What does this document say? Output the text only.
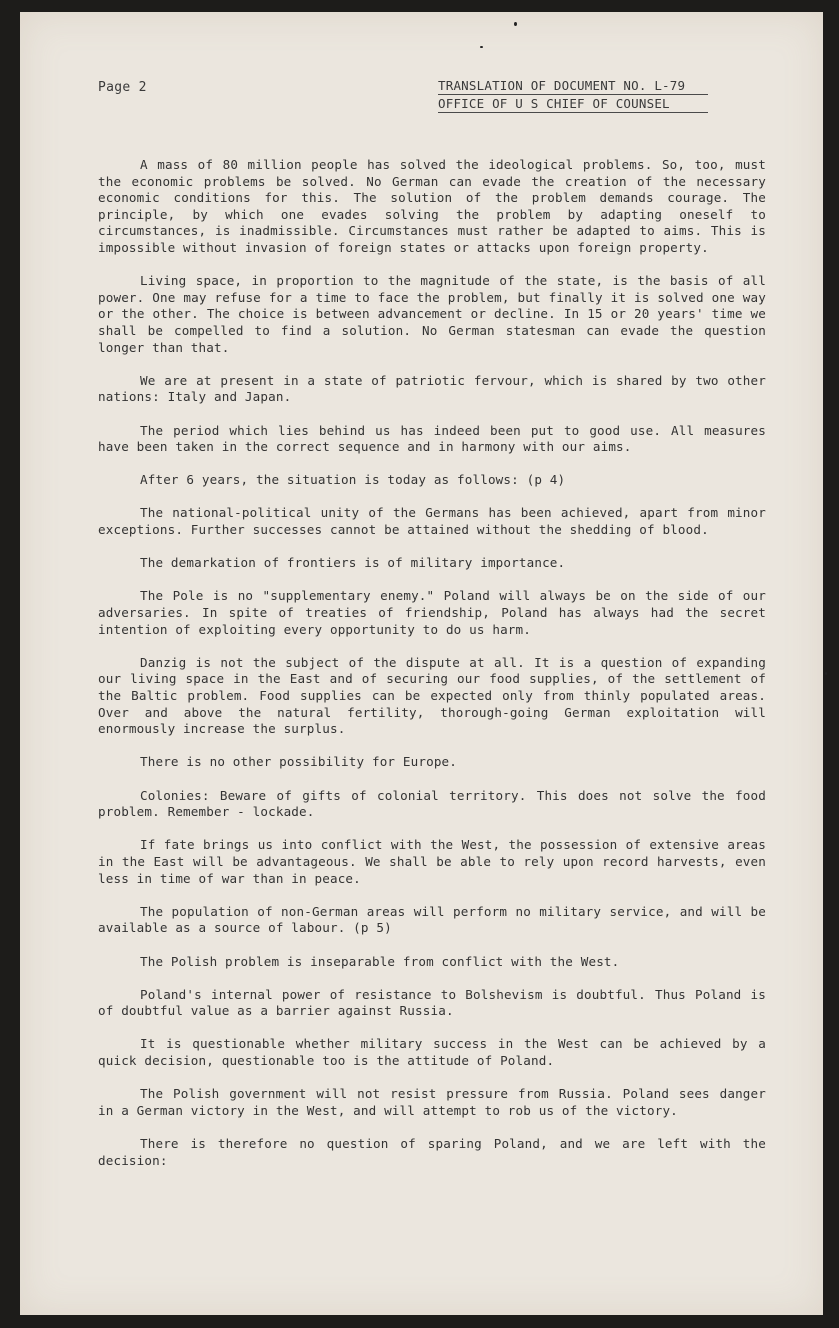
Page 2	TRANSLATION OF DOCUMENT NO. L-79
OFFICE OF U S CHIEF OF COUNSEL

A mass of 80 million people has solved the ideological problems. So, too, must the economic problems be solved. No German can evade the creation of the necessary economic conditions for this. The solution of the problem demands courage. The principle, by which one evades solving the problem by adapting oneself to circumstances, is inadmissible. Circumstances must rather be adapted to aims. This is impossible without invasion of foreign states or attacks upon foreign property.

Living space, in proportion to the magnitude of the state, is the basis of all power. One may refuse for a time to face the problem, but finally it is solved one way or the other. The choice is between advancement or decline. In 15 or 20 years' time we shall be compelled to find a solution. No German statesman can evade the question longer than that.

We are at present in a state of patriotic fervour, which is shared by two other nations: Italy and Japan.

The period which lies behind us has indeed been put to good use. All measures have been taken in the correct sequence and in harmony with our aims.

After 6 years, the situation is today as follows: (p 4)

The national-political unity of the Germans has been achieved, apart from minor exceptions. Further successes cannot be attained without the shedding of blood.

The demarkation of frontiers is of military importance.

The Pole is no "supplementary enemy." Poland will always be on the side of our adversaries. In spite of treaties of friendship, Poland has always had the secret intention of exploiting every opportunity to do us harm.

Danzig is not the subject of the dispute at all. It is a question of expanding our living space in the East and of securing our food supplies, of the settlement of the Baltic problem. Food supplies can be expected only from thinly populated areas. Over and above the natural fertility, thorough-going German exploitation will enormously increase the surplus.

There is no other possibility for Europe.

Colonies: Beware of gifts of colonial territory. This does not solve the food problem. Remember - lockade.

If fate brings us into conflict with the West, the possession of extensive areas in the East will be advantageous. We shall be able to rely upon record harvests, even less in time of war than in peace.

The population of non-German areas will perform no military service, and will be available as a source of labour. (p 5)

The Polish problem is inseparable from conflict with the West.

Poland's internal power of resistance to Bolshevism is doubtful. Thus Poland is of doubtful value as a barrier against Russia.

It is questionable whether military success in the West can be achieved by a quick decision, questionable too is the attitude of Poland.

The Polish government will not resist pressure from Russia. Poland sees danger in a German victory in the West, and will attempt to rob us of the victory.

There is therefore no question of sparing Poland, and we are left with the decision:
